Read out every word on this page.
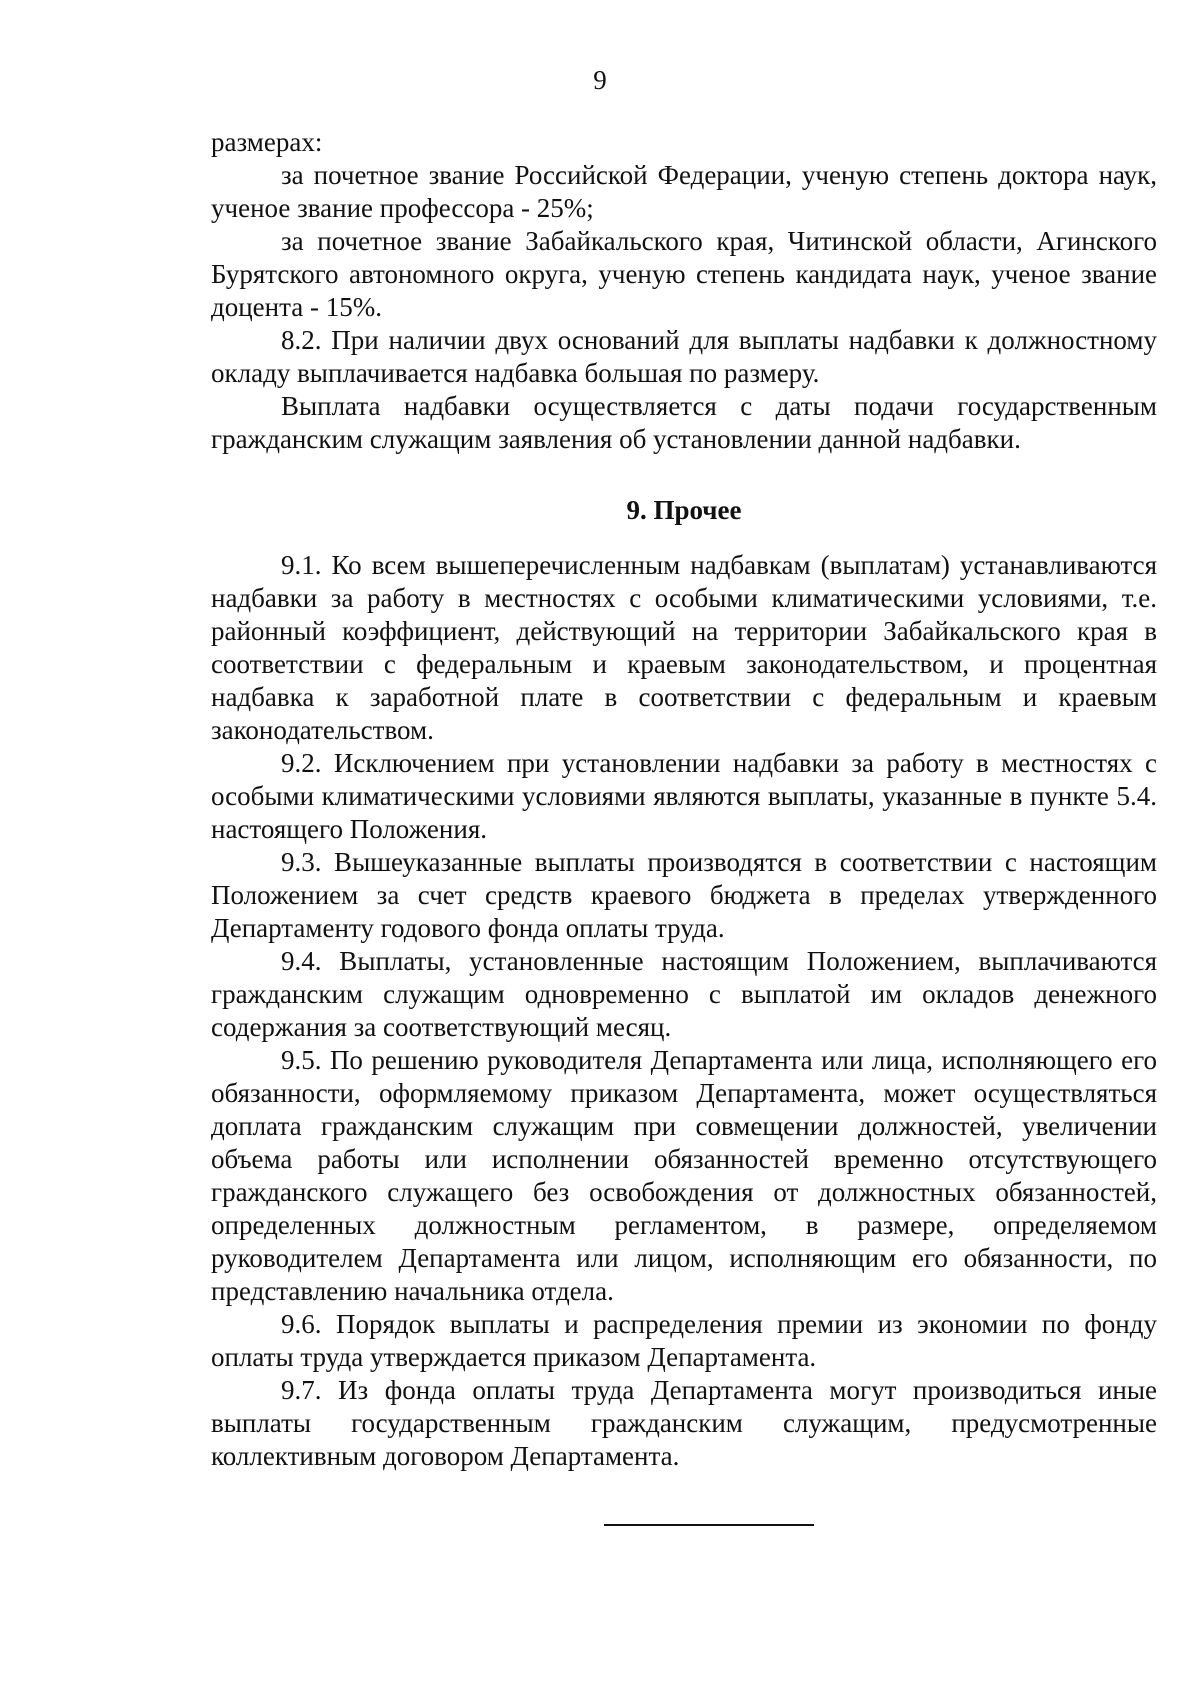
9

размерах:

за почетное звание Российской Федерации, ученую степень доктора наук, ученое звание профессора - 25%;

за почетное звание Забайкальского края, Читинской области, Агинского Бурятского автономного округа, ученую степень кандидата наук, ученое звание доцента - 15%.

8.2. При наличии двух оснований для выплаты надбавки к должностному окладу выплачивается надбавка большая по размеру.

Выплата надбавки осуществляется с даты подачи государственным гражданским служащим заявления об установлении данной надбавки.

9. Прочее

9.1. Ко всем вышеперечисленным надбавкам (выплатам) устанавливаются надбавки за работу в местностях с особыми климатическими условиями, т.е. районный коэффициент, действующий на территории Забайкальского края в соответствии с федеральным и краевым законодательством, и процентная надбавка к заработной плате в соответствии с федеральным и краевым законодательством.

9.2. Исключением при установлении надбавки за работу в местностях с особыми климатическими условиями являются выплаты, указанные в пункте 5.4. настоящего Положения.

9.3. Вышеуказанные выплаты производятся в соответствии с настоящим Положением за счет средств краевого бюджета в пределах утвержденного Департаменту годового фонда оплаты труда.

9.4. Выплаты, установленные настоящим Положением, выплачиваются гражданским служащим одновременно с выплатой им окладов денежного содержания за соответствующий месяц.

9.5. По решению руководителя Департамента или лица, исполняющего его обязанности, оформляемому приказом Департамента, может осуществляться доплата гражданским служащим при совмещении должностей, увеличении объема работы или исполнении обязанностей временно отсутствующего гражданского служащего без освобождения от должностных обязанностей, определенных должностным регламентом, в размере, определяемом руководителем Департамента или лицом, исполняющим его обязанности, по представлению начальника отдела.

9.6. Порядок выплаты и распределения премии из экономии по фонду оплаты труда утверждается приказом Департамента.

9.7. Из фонда оплаты труда Департамента могут производиться иные выплаты государственным гражданским служащим, предусмотренные коллективным договором Департамента.
